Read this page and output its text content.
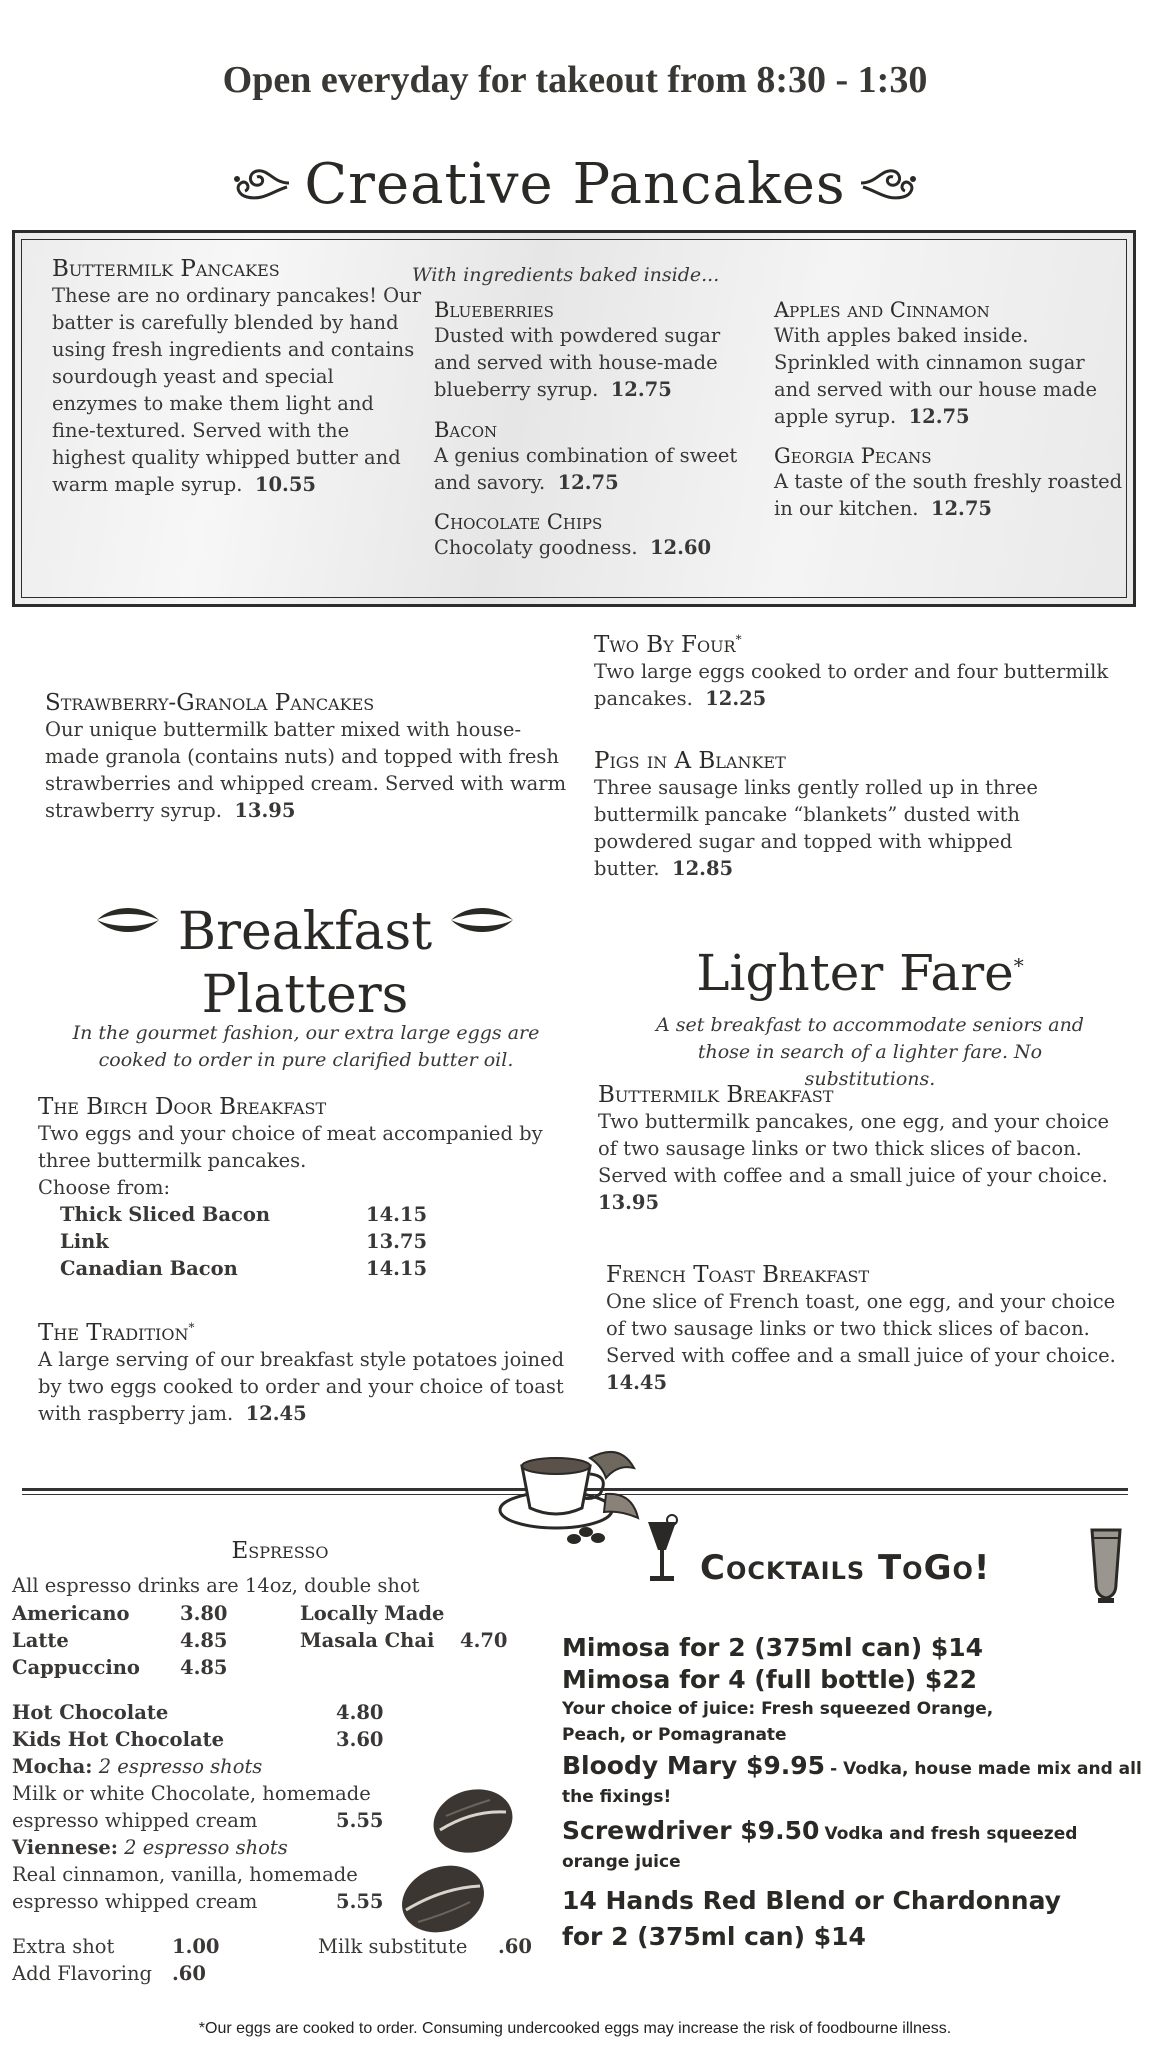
Open everyday for takeout from 8:30 - 1:30
Creative Pancakes
Buttermilk Pancakes
These are no ordinary pancakes! Our batter is carefully blended by hand using fresh ingredients and contains sourdough yeast and special enzymes to make them light and fine-textured. Served with the highest quality whipped butter and warm maple syrup. 10.55
With ingredients baked inside...
Blueberries
Dusted with powdered sugar and served with house-made blueberry syrup. 12.75
Bacon
A genius combination of sweet and savory. 12.75
Chocolate Chips
Chocolaty goodness. 12.60
Apples and Cinnamon
With apples baked inside. Sprinkled with cinnamon sugar and served with our house made apple syrup. 12.75
Georgia Pecans
A taste of the south freshly roasted in our kitchen. 12.75
Strawberry-Granola Pancakes
Our unique buttermilk batter mixed with house-made granola (contains nuts) and topped with fresh strawberries and whipped cream. Served with warm strawberry syrup. 13.95
Two By Four*
Two large eggs cooked to order and four buttermilk pancakes. 12.25
Pigs in A Blanket
Three sausage links gently rolled up in three buttermilk pancake “blankets” dusted with powdered sugar and topped with whipped butter. 12.85
Breakfast
Platters
In the gourmet fashion, our extra large eggs are cooked to order in pure clarified butter oil.
The Birch Door Breakfast
Two eggs and your choice of meat accompanied by three buttermilk pancakes.
Choose from:
Thick Sliced Bacon	14.15
Link	13.75
Canadian Bacon	14.15
The Tradition*
A large serving of our breakfast style potatoes joined by two eggs cooked to order and your choice of toast with raspberry jam. 12.45
Lighter Fare*
A set breakfast to accommodate seniors and those in search of a lighter fare. No substitutions.
Buttermilk Breakfast
Two buttermilk pancakes, one egg, and your choice of two sausage links or two thick slices of bacon. Served with coffee and a small juice of your choice.
13.95
French Toast Breakfast
One slice of French toast, one egg, and your choice of two sausage links or two thick slices of bacon. Served with coffee and a small juice of your choice.
14.45
Espresso
All espresso drinks are 14oz, double shot
Americano	3.80	Locally Made
Latte	4.85	Masala Chai	4.70
Cappuccino	4.85
Hot Chocolate	4.80
Kids Hot Chocolate	3.60
Mocha: 2 espresso shots
Milk or white Chocolate, homemade
espresso whipped cream	5.55
Viennese: 2 espresso shots
Real cinnamon, vanilla, homemade
espresso whipped cream	5.55
Extra shot	1.00	Milk substitute	.60
Add Flavoring	.60
Cocktails ToGo!
Mimosa for 2 (375ml can) $14
Mimosa for 4 (full bottle) $22
Your choice of juice: Fresh squeezed Orange, Peach, or Pomagranate
Bloody Mary $9.95 - Vodka, house made mix and all the fixings!
Screwdriver $9.50 Vodka and fresh squeezed orange juice
14 Hands Red Blend or Chardonnay
for 2 (375ml can) $14
*Our eggs are cooked to order. Consuming undercooked eggs may increase the risk of foodbourne illness.
